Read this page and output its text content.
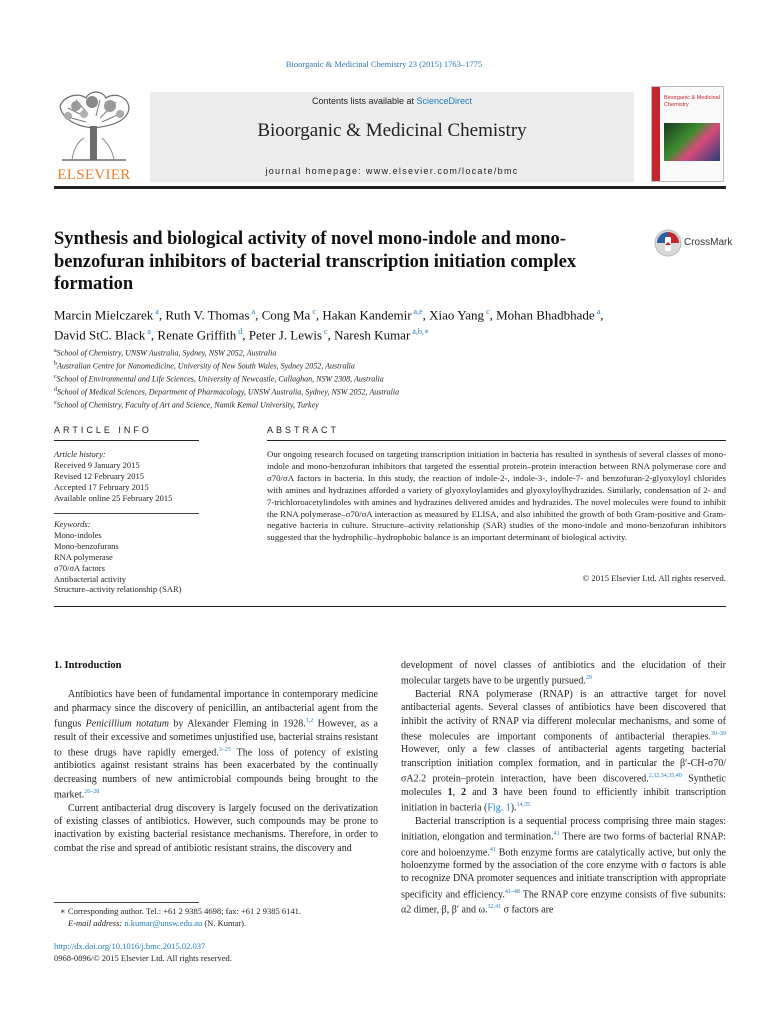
Bioorganic & Medicinal Chemistry 23 (2015) 1763–1775
ELSEVIER
Contents lists available at ScienceDirect
Bioorganic & Medicinal Chemistry
journal homepage: www.elsevier.com/locate/bmc
Bioorganic & Medicinal Chemistry
Synthesis and biological activity of novel mono-indole and mono-benzofuran inhibitors of bacterial transcription initiation complex formation
CrossMark
Marcin Mielczarek $^a$, Ruth V. Thomas $^a$, Cong Ma $^c$, Hakan Kandemir $^{a,e}$, Xiao Yang $^c$, Mohan Bhadbhade $^a$,
David StC. Black $^a$, Renate Griffith $^d$, Peter J. Lewis $^c$, Naresh Kumar $^{a,b,∗}$
$^a$School of Chemistry, UNSW Australia, Sydney, NSW 2052, Australia
$^b$Australian Centre for Nanomedicine, University of New South Wales, Sydney 2052, Australia
$^c$School of Environmental and Life Sciences, University of Newcastle, Callaghan, NSW 2308, Australia
$^d$School of Medical Sciences, Department of Pharmacology, UNSW Australia, Sydney, NSW 2052, Australia
$^e$School of Chemistry, Faculty of Art and Science, Namik Kemal University, Turkey
ARTICLE INFO	ABSTRACT
Article history:
Received 9 January 2015
Revised 12 February 2015
Accepted 17 February 2015
Available online 25 February 2015
Keywords:
Mono-indoles
Mono-benzofurans
RNA polymerase
σ70/σA factors
Antibacterial activity
Structure–activity relationship (SAR)
Our ongoing research focused on targeting transcription initiation in bacteria has resulted in synthesis of several classes of mono-indole and mono-benzofuran inhibitors that targeted the essential protein–protein interaction between RNA polymerase core and σ70/σA factors in bacteria. In this study, the reaction of indole-2-, indole-3-, indole-7- and benzofuran-2-glyoxyloyl chlorides with amines and hydrazines afforded a variety of glyoxyloylamides and glyoxyloylhydrazides. Similarly, condensation of 2- and 7-trichloroacetylindoles with amines and hydrazines delivered amides and hydrazides. The novel molecules were found to inhibit the RNA polymerase–σ70/σA interaction as measured by ELISA, and also inhibited the growth of both Gram-positive and Gram-negative bacteria in culture. Structure–activity relationship (SAR) studies of the mono-indole and mono-benzofuran inhibitors suggested that the hydrophilic–hydrophobic balance is an important determinant of biological activity.
© 2015 Elsevier Ltd. All rights reserved.
1. Introduction

Antibiotics have been of fundamental importance in contemporary medicine and pharmacy since the discovery of penicillin, an antibacterial agent from the fungus Penicillium notatum by Alexander Fleming in 1928.$^{1,2}$ However, as a result of their excessive and sometimes unjustified use, bacterial strains resistant to these drugs have rapidly emerged.$^{3-25}$ The loss of potency of existing antibiotics against resistant strains has been exacerbated by the continually decreasing numbers of new antimicrobial compounds being brought to the market.$^{26-28}$

Current antibacterial drug discovery is largely focused on the derivatization of existing classes of antibiotics. However, such compounds may be prone to inactivation by existing bacterial resistance mechanisms. Therefore, in order to combat the rise and spread of antibiotic resistant strains, the discovery and

development of novel classes of antibiotics and the elucidation of their molecular targets have to be urgently pursued.$^{29}$

Bacterial RNA polymerase (RNAP) is an attractive target for novel antibacterial agents. Several classes of antibiotics have been discovered that inhibit the activity of RNAP via different molecular mechanisms, and some of these molecules are important components of antibacterial therapies.$^{30-39}$ However, only a few classes of antibacterial agents targeting bacterial transcription initiation complex formation, and in particular the β′-CH-σ70/σA2.2 protein–protein interaction, have been discovered.$^{2,32,34,35,40}$ Synthetic molecules 1, 2 and 3 have been found to efficiently inhibit transcription initiation in bacteria (Fig. 1).$^{14,35}$

Bacterial transcription is a sequential process comprising three main stages: initiation, elongation and termination.$^{41}$ There are two forms of bacterial RNAP: core and holoenzyme.$^{41}$ Both enzyme forms are catalytically active, but only the holoenzyme formed by the association of the core enzyme with σ factors is able to recognize DNA promoter sequences and initiate transcription with appropriate specificity and efficiency.$^{41-48}$ The RNAP core enzyme consists of five subunits: α2 dimer, β, β′ and ω.$^{32,41}$ σ factors are

∗ Corresponding author. Tel.: +61 2 9385 4698; fax: +61 2 9385 6141.
E-mail address: n.kumar@unsw.edu.au (N. Kumar).
http://dx.doi.org/10.1016/j.bmc.2015.02.037
0968-0896/© 2015 Elsevier Ltd. All rights reserved.
